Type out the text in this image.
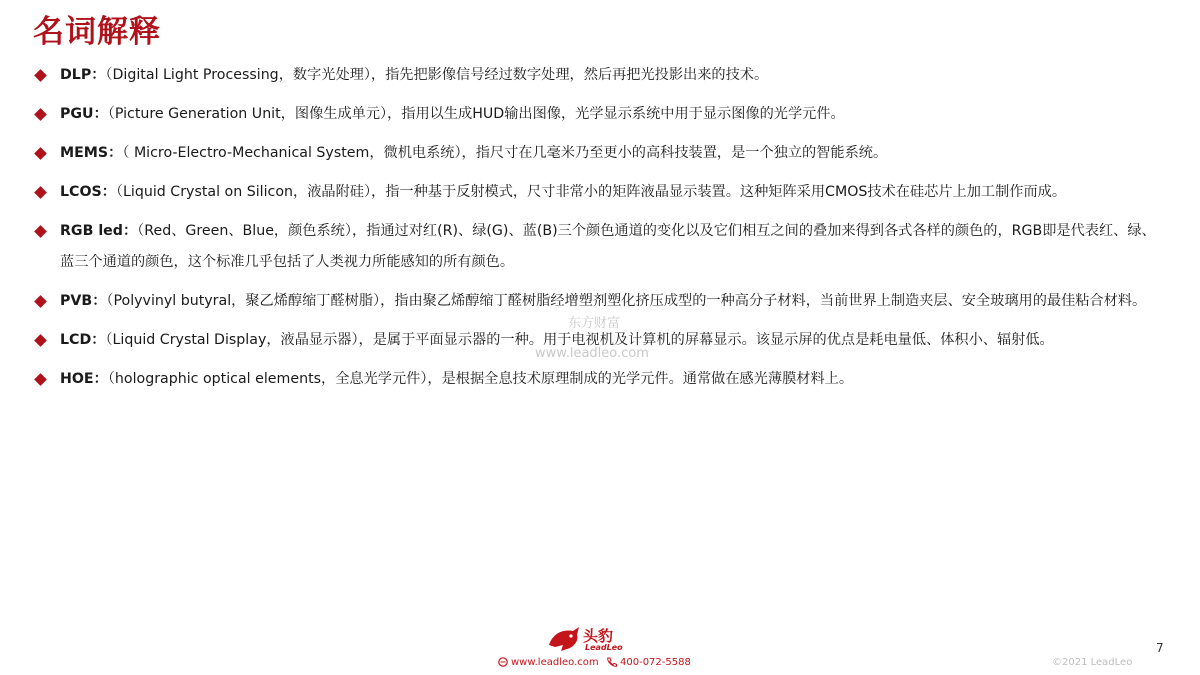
名词解释
DLP：（Digital Light Processing，数字光处理），指先把影像信号经过数字处理，然后再把光投影出来的技术。
PGU：（Picture Generation Unit，图像生成单元），指用以生成HUD输出图像，光学显示系统中用于显示图像的光学元件。
MEMS：（ Micro-Electro-Mechanical System，微机电系统），指尺寸在几毫米乃至更小的高科技装置，是一个独立的智能系统。
LCOS：（Liquid Crystal on Silicon，液晶附硅），指一种基于反射模式，尺寸非常小的矩阵液晶显示装置。这种矩阵采用CMOS技术在硅芯片上加工制作而成。
RGB led：（Red、Green、Blue，颜色系统），指通过对红(R)、绿(G)、蓝(B)三个颜色通道的变化以及它们相互之间的叠加来得到各式各样的颜色的，RGB即是代表红、绿、蓝三个通道的颜色，这个标准几乎包括了人类视力所能感知的所有颜色。
PVB：（Polyvinyl butyral，聚乙烯醇缩丁醛树脂），指由聚乙烯醇缩丁醛树脂经增塑剂塑化挤压成型的一种高分子材料，当前世界上制造夹层、安全玻璃用的最佳粘合材料。
LCD：（Liquid Crystal Display，液晶显示器），是属于平面显示器的一种。用于电视机及计算机的屏幕显示。该显示屏的优点是耗电量低、体积小、辐射低。
HOE：（holographic optical elements，全息光学元件），是根据全息技术原理制成的光学元件。通常做在感光薄膜材料上。
东方财富
www.leadleo.com
头豹
LeadLeo
www.leadleo.com	400-072-5588
7
©2021 LeadLeo
